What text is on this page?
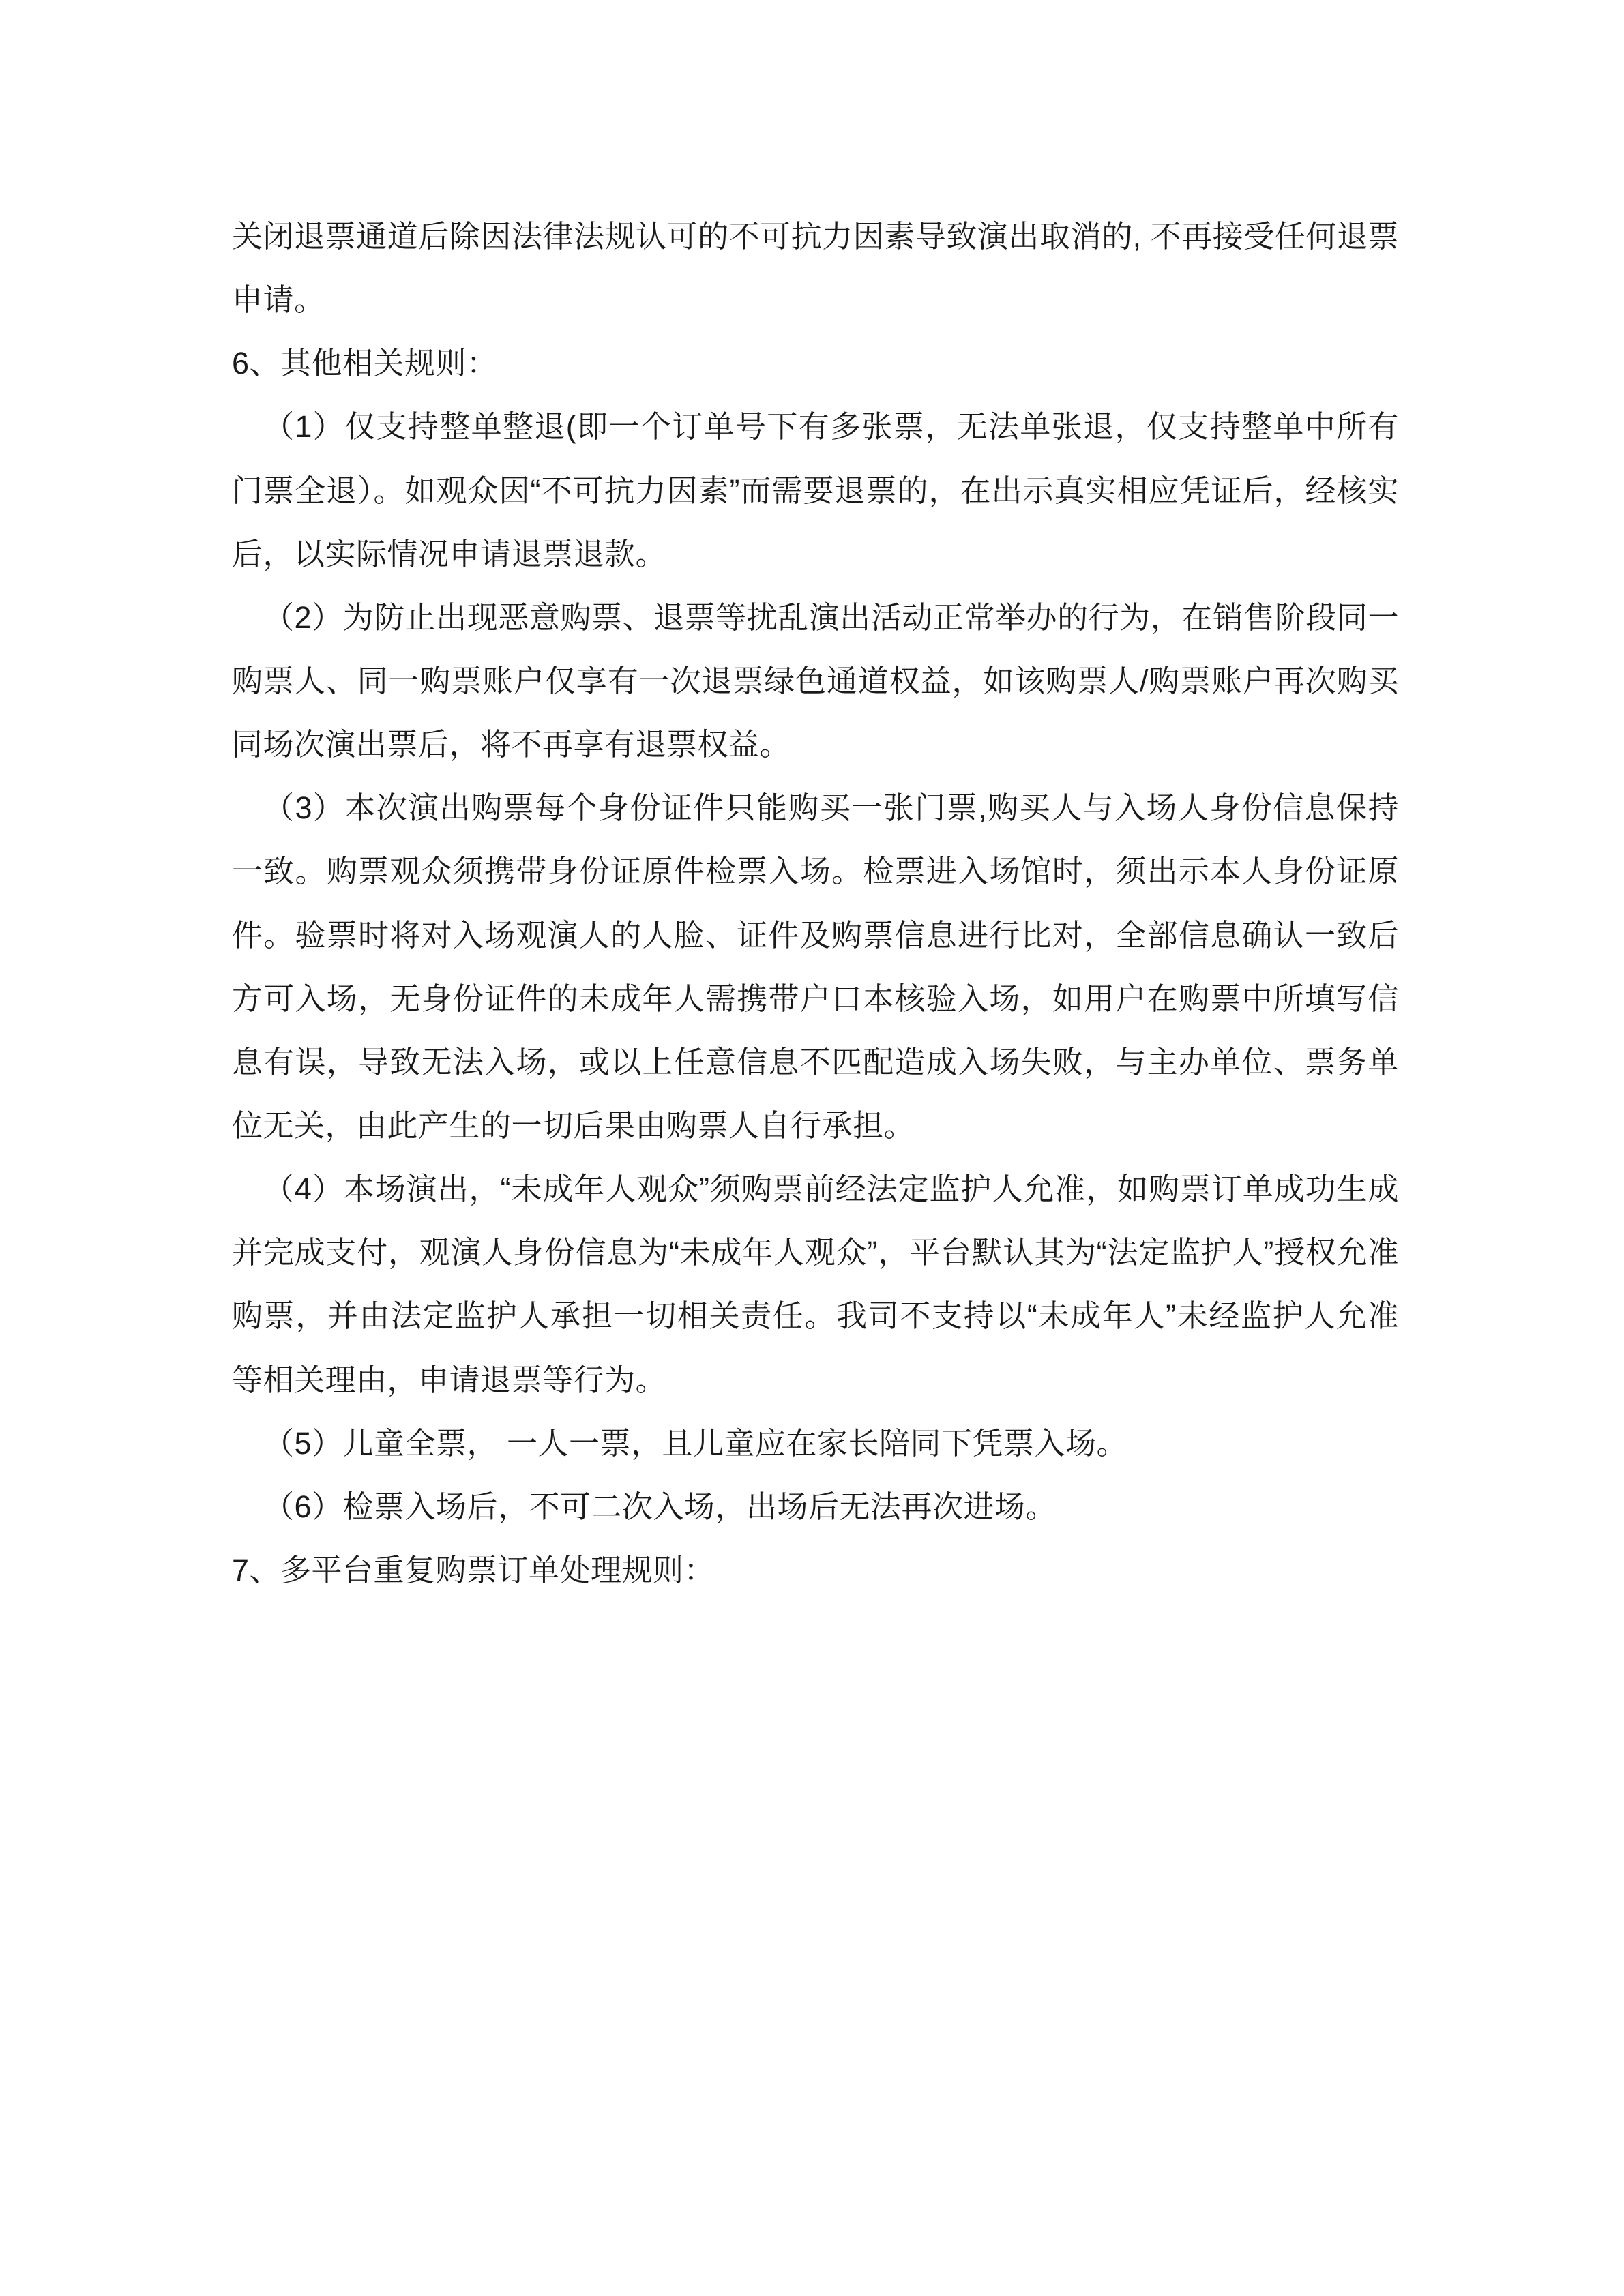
关闭退票通道后除因法律法规认可的不可抗力因素导致演出取消的, 不再接受任何退票申请。

6、其他相关规则：

（1）仅支持整单整退(即一个订单号下有多张票，无法单张退，仅支持整单中所有门票全退）。如观众因“不可抗力因素”而需要退票的，在出示真实相应凭证后，经核实后，以实际情况申请退票退款。

（2）为防止出现恶意购票、退票等扰乱演出活动正常举办的行为，在销售阶段同一购票人、同一购票账户仅享有一次退票绿色通道权益，如该购票人/购票账户再次购买同场次演出票后，将不再享有退票权益。

（3）本次演出购票每个身份证件只能购买一张门票,购买人与入场人身份信息保持一致。购票观众须携带身份证原件检票入场。检票进入场馆时，须出示本人身份证原件。验票时将对入场观演人的人脸、证件及购票信息进行比对，全部信息确认一致后方可入场，无身份证件的未成年人需携带户口本核验入场，如用户在购票中所填写信息有误，导致无法入场，或以上任意信息不匹配造成入场失败，与主办单位、票务单位无关，由此产生的一切后果由购票人自行承担。

（4）本场演出，“未成年人观众”须购票前经法定监护人允准，如购票订单成功生成并完成支付，观演人身份信息为“未成年人观众”，平台默认其为“法定监护人”授权允准购票，并由法定监护人承担一切相关责任。我司不支持以“未成年人”未经监护人允准等相关理由，申请退票等行为。

（5）儿童全票， 一人一票，且儿童应在家长陪同下凭票入场。

（6）检票入场后，不可二次入场，出场后无法再次进场。

7、多平台重复购票订单处理规则：
